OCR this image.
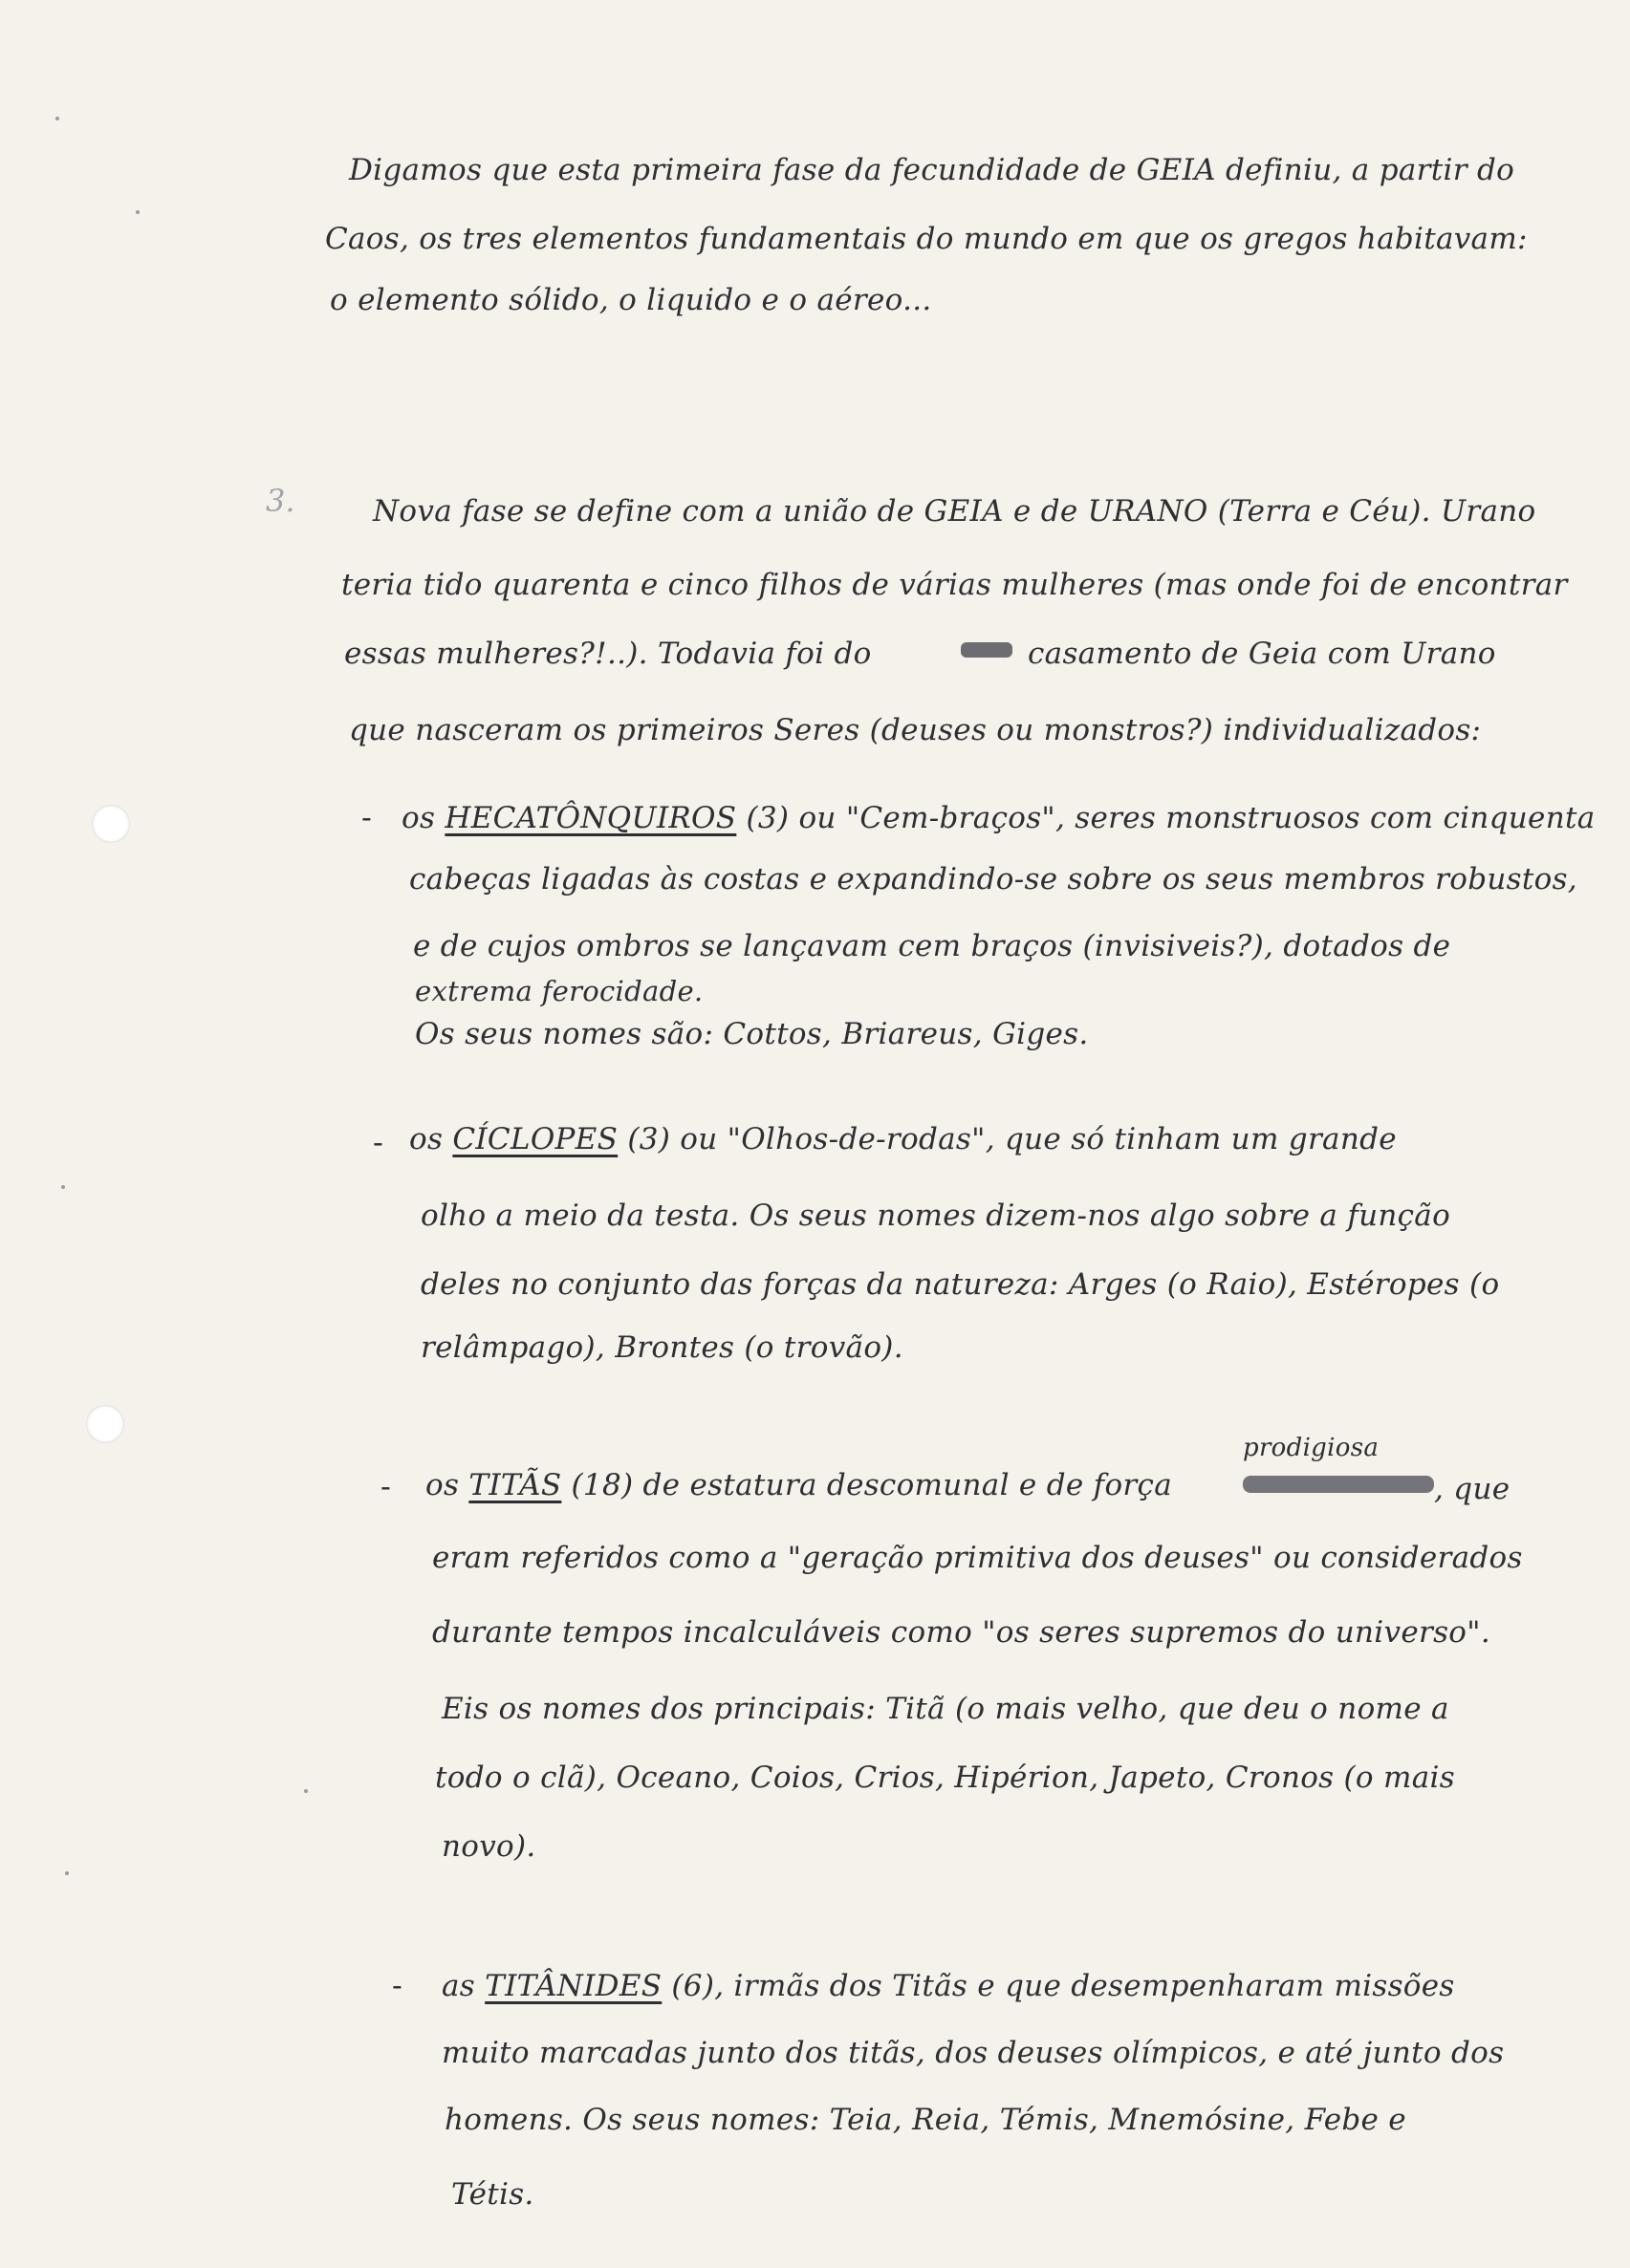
Digamos que esta primeira fase da fecundidade de GEIA definiu, a partir do
Caos, os tres elementos fundamentais do mundo em que os gregos habitavam:
o elemento sólido, o liquido e o aéreo...
3.	Nova fase se define com a união de GEIA e de URANO (Terra e Céu). Urano
teria tido quarenta e cinco filhos de várias mulheres (mas onde foi de encontrar
essas mulheres?!..). Todavia foi do	casamento de Geia com Urano
que nasceram os primeiros Seres (deuses ou monstros?) individualizados:
- os HECATÔNQUIROS (3) ou "Cem-braços", seres monstruosos com cinquenta
cabeças ligadas às costas e expandindo-se sobre os seus membros robustos,
e de cujos ombros se lançavam cem braços (invisiveis?), dotados de
extrema ferocidade.
Os seus nomes são: Cottos, Briareus, Giges.
- os CÍCLOPES (3) ou "Olhos-de-rodas", que só tinham um grande
olho a meio da testa. Os seus nomes dizem-nos algo sobre a função
deles no conjunto das forças da natureza: Arges (o Raio), Estéropes (o
relâmpago), Brontes (o trovão).
-
prodigiosa
os TITÃS (18) de estatura descomunal e de força	, que
eram referidos como a "geração primitiva dos deuses" ou considerados
durante tempos incalculáveis como "os seres supremos do universo".
Eis os nomes dos principais: Titã (o mais velho, que deu o nome a
todo o clã), Oceano, Coios, Crios, Hipérion, Japeto, Cronos (o mais
novo).
- as TITÂNIDES (6), irmãs dos Titãs e que desempenharam missões
muito marcadas junto dos titãs, dos deuses olímpicos, e até junto dos
homens. Os seus nomes: Teia, Reia, Témis, Mnemósine, Febe e
Tétis.
